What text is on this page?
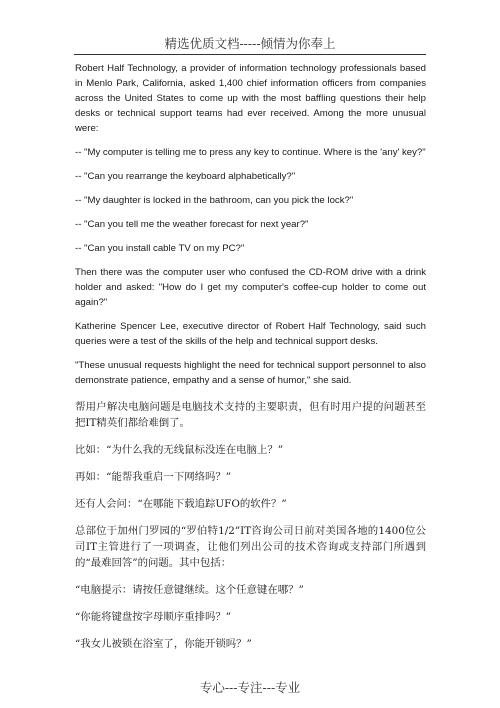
精选优质文档-----倾情为你奉上

Robert Half Technology, a provider of information technology professionals based in Menlo Park, California, asked 1,400 chief information officers from companies across the United States to come up with the most baffling questions their help desks or technical support teams had ever received. Among the more unusual were:

-- "My computer is telling me to press any key to continue. Where is the 'any' key?"

-- "Can you rearrange the keyboard alphabetically?"

-- "My daughter is locked in the bathroom, can you pick the lock?"

-- "Can you tell me the weather forecast for next year?"

-- "Can you install cable TV on my PC?"

Then there was the computer user who confused the CD-ROM drive with a drink holder and asked: "How do I get my computer's coffee-cup holder to come out again?"

Katherine Spencer Lee, executive director of Robert Half Technology, said such queries were a test of the skills of the help and technical support desks.

"These unusual requests highlight the need for technical support personnel to also demonstrate patience, empathy and a sense of humor," she said.

帮用户解决电脑问题是电脑技术支持的主要职责，但有时用户提的问题甚至把IT精英们都给难倒了。

比如：“为什么我的无线鼠标没连在电脑上？”

再如：“能帮我重启一下网络吗？”

还有人会问：“在哪能下载追踪UFO的软件？”

总部位于加州门罗园的“罗伯特1/2”IT咨询公司日前对美国各地的1400位公司IT主管进行了一项调查，让他们列出公司的技术咨询或支持部门所遇到的“最难回答”的问题。其中包括：

“电脑提示：请按任意键继续。这个任意键在哪？”

“你能将键盘按字母顺序重排吗？”

“我女儿被锁在浴室了，你能开锁吗？”

专心---专注---专业
